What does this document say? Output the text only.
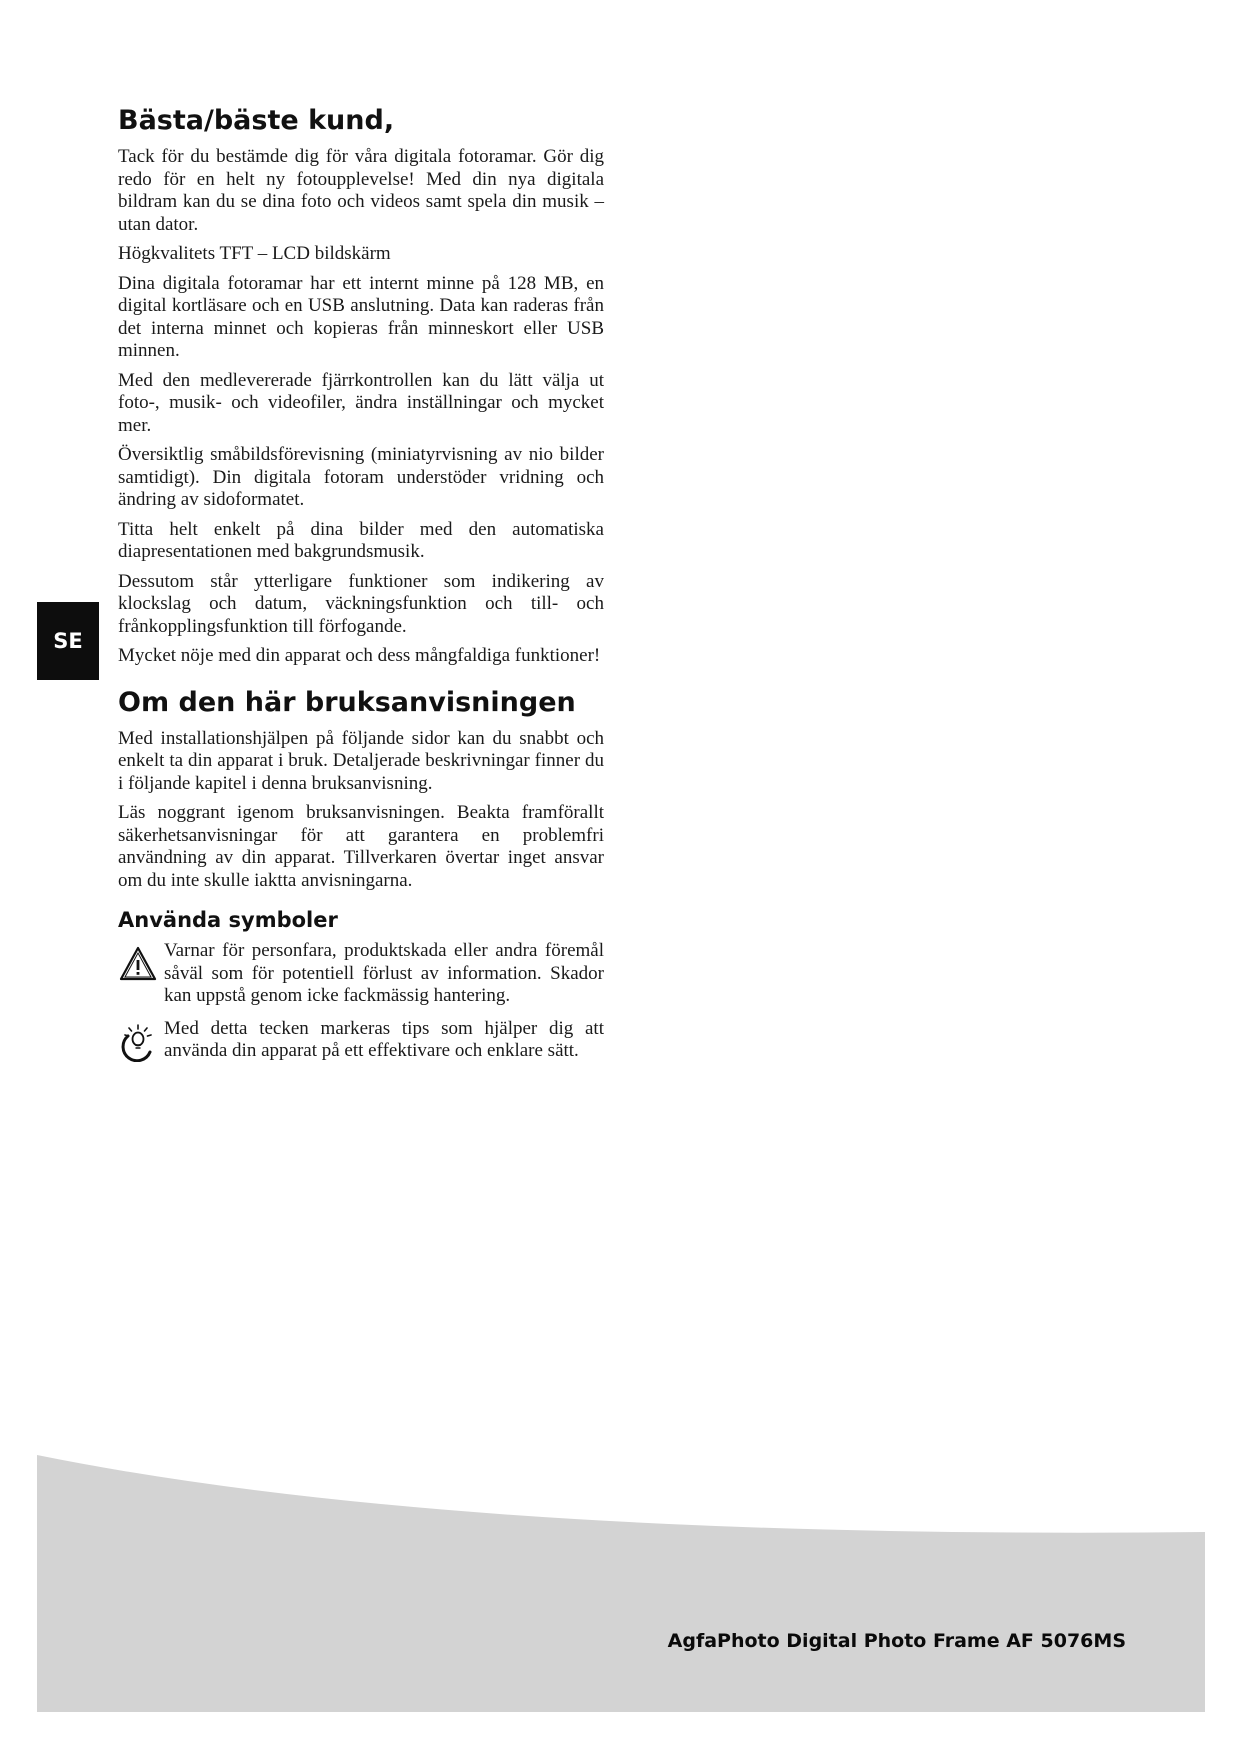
SE
Bästa/bäste kund,

Tack för du bestämde dig för våra digitala fotoramar. Gör dig redo för en helt ny fotoupplevelse! Med din nya digitala bildram kan du se dina foto och videos samt spela din musik – utan dator.

Högkvalitets TFT – LCD bildskärm

Dina digitala fotoramar har ett internt minne på 128 MB, en digital kortläsare och en USB anslutning. Data kan raderas från det interna minnet och kopieras från minneskort eller USB minnen.

Med den medlevererade fjärrkontrollen kan du lätt välja ut foto-, musik- och videofiler, ändra inställningar och mycket mer.

Översiktlig småbildsförevisning (miniatyrvisning av nio bilder samtidigt). Din digitala fotoram understöder vridning och ändring av sidoformatet.

Titta helt enkelt på dina bilder med den automatiska diapresentationen med bakgrundsmusik.

Dessutom står ytterligare funktioner som indikering av klockslag och datum, väckningsfunktion och till- och frånkopplingsfunktion till förfogande.

Mycket nöje med din apparat och dess mångfaldiga funktioner!

Om den här bruksanvisningen

Med installationshjälpen på följande sidor kan du snabbt och enkelt ta din apparat i bruk. Detaljerade beskrivningar finner du i följande kapitel i denna bruksanvisning.

Läs noggrant igenom bruksanvisningen. Beakta framförallt säkerhetsanvisningar för att garantera en problemfri användning av din apparat. Tillverkaren övertar inget ansvar om du inte skulle iaktta anvisningarna.

Använda symboler

Varnar för personfara, produktskada eller andra föremål såväl som för potentiell förlust av information. Skador kan uppstå genom icke fackmässig hantering.

Med detta tecken markeras tips som hjälper dig att använda din apparat på ett effektivare och enklare sätt.

AgfaPhoto Digital Photo Frame AF 5076MS
